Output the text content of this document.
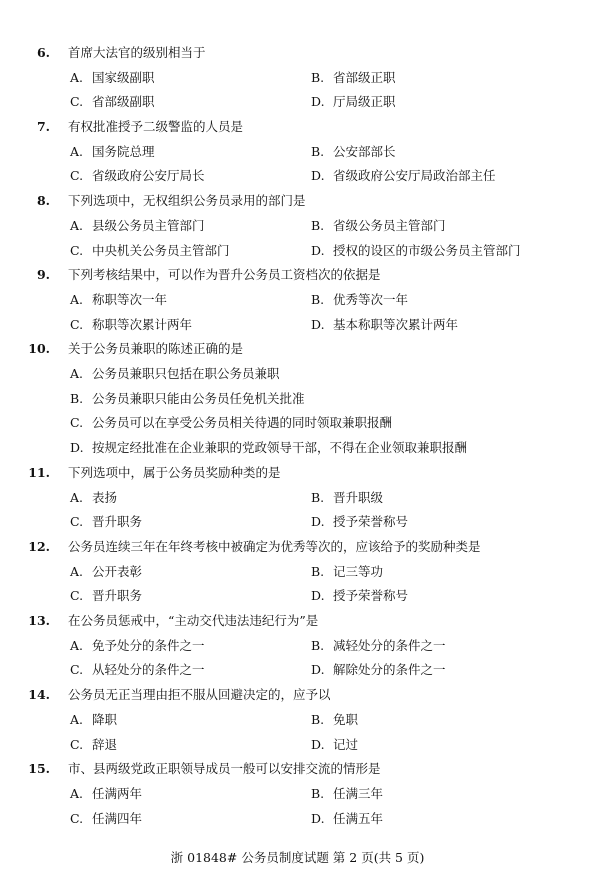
6. 首席大法官的级别相当于
A. 国家级副职	B. 省部级正职
C. 省部级副职	D. 厅局级正职
7. 有权批准授予二级警监的人员是
A. 国务院总理	B. 公安部部长
C. 省级政府公安厅局长	D. 省级政府公安厅局政治部主任
8. 下列选项中，无权组织公务员录用的部门是
A. 县级公务员主管部门	B. 省级公务员主管部门
C. 中央机关公务员主管部门	D. 授权的设区的市级公务员主管部门
9. 下列考核结果中，可以作为晋升公务员工资档次的依据是
A. 称职等次一年	B. 优秀等次一年
C. 称职等次累计两年	D. 基本称职等次累计两年
10. 关于公务员兼职的陈述正确的是
A. 公务员兼职只包括在职公务员兼职
B. 公务员兼职只能由公务员任免机关批准
C. 公务员可以在享受公务员相关待遇的同时领取兼职报酬
D. 按规定经批准在企业兼职的党政领导干部，不得在企业领取兼职报酬
11. 下列选项中，属于公务员奖励种类的是
A. 表扬	B. 晋升职级
C. 晋升职务	D. 授予荣誉称号
12. 公务员连续三年在年终考核中被确定为优秀等次的，应该给予的奖励种类是
A. 公开表彰	B. 记三等功
C. 晋升职务	D. 授予荣誉称号
13. 在公务员惩戒中，“主动交代违法违纪行为”是
A. 免予处分的条件之一	B. 减轻处分的条件之一
C. 从轻处分的条件之一	D. 解除处分的条件之一
14. 公务员无正当理由拒不服从回避决定的，应予以
A. 降职	B. 免职
C. 辞退	D. 记过
15. 市、县两级党政正职领导成员一般可以安排交流的情形是
A. 任满两年	B. 任满三年
C. 任满四年	D. 任满五年
浙 01848# 公务员制度试题 第 2 页(共 5 页)
